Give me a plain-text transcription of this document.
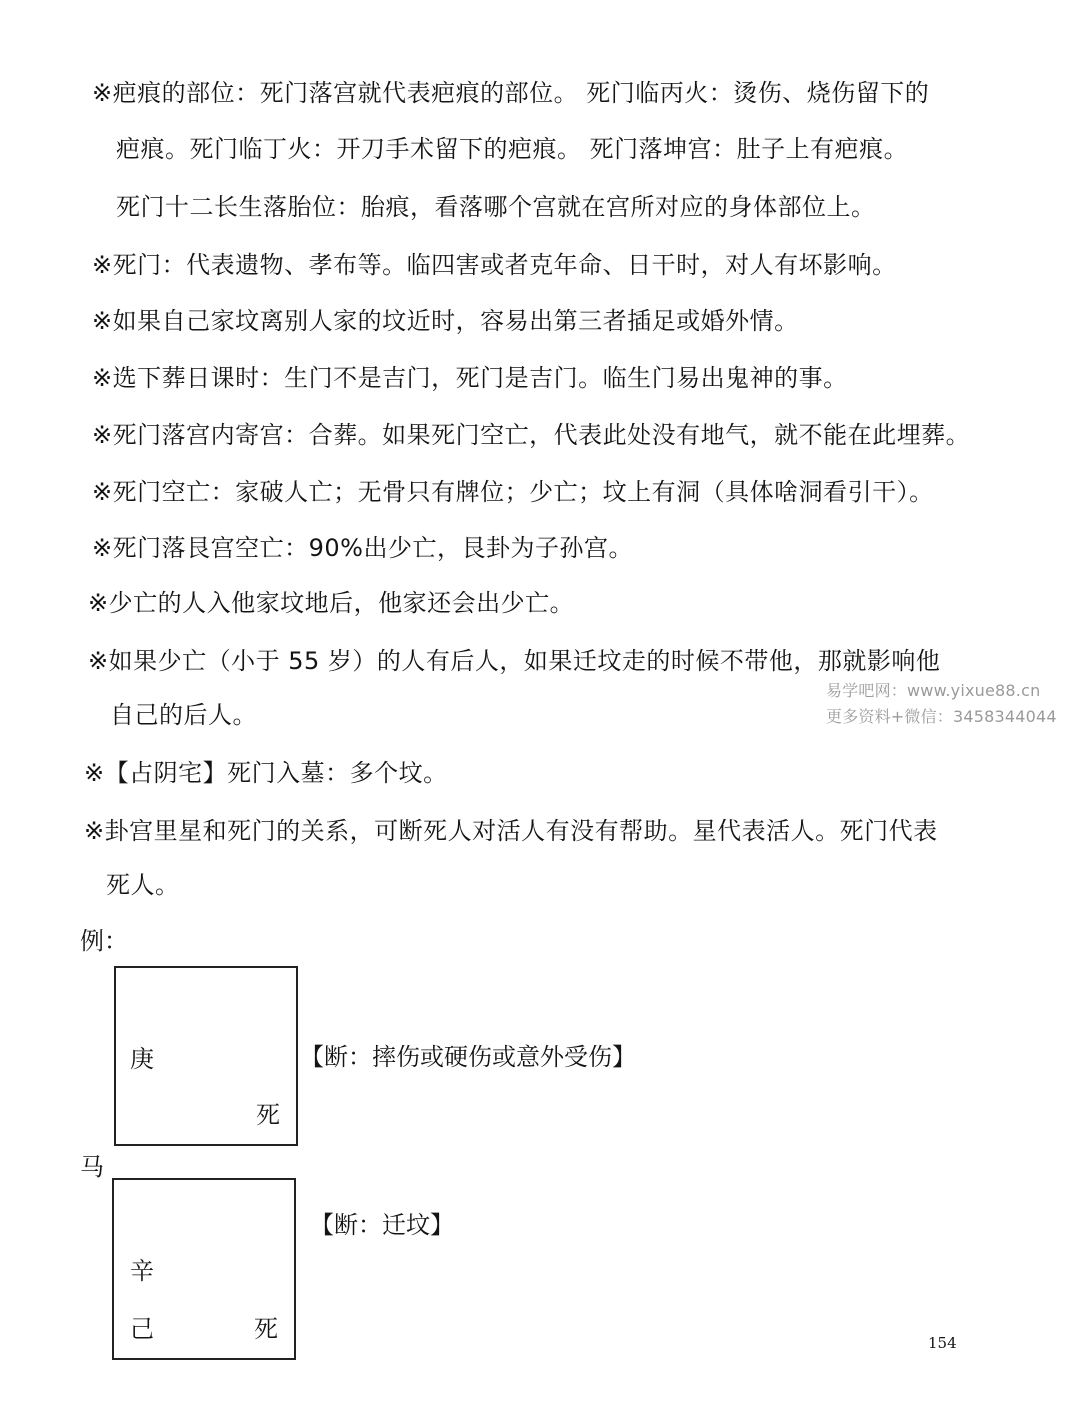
※疤痕的部位：死门落宫就代表疤痕的部位。 死门临丙火：烫伤、烧伤留下的
疤痕。死门临丁火：开刀手术留下的疤痕。 死门落坤宫：肚子上有疤痕。
死门十二长生落胎位：胎痕，看落哪个宫就在宫所对应的身体部位上。
※死门：代表遗物、孝布等。临四害或者克年命、日干时，对人有坏影响。
※如果自己家坟离别人家的坟近时，容易出第三者插足或婚外情。
※选下葬日课时：生门不是吉门，死门是吉门。临生门易出鬼神的事。
※死门落宫内寄宫：合葬。如果死门空亡，代表此处没有地气，就不能在此埋葬。
※死门空亡：家破人亡；无骨只有牌位；少亡；坟上有洞（具体啥洞看引干）。
※死门落艮宫空亡：90%出少亡，艮卦为子孙宫。
※少亡的人入他家坟地后，他家还会出少亡。
※如果少亡（小于 55 岁）的人有后人，如果迁坟走的时候不带他，那就影响他
自己的后人。
※【占阴宅】死门入墓：多个坟。
※卦宫里星和死门的关系，可断死人对活人有没有帮助。星代表活人。死门代表
死人。
例：
庚
死
【断：摔伤或硬伤或意外受伤】
马
辛
己	死
【断：迁坟】
易学吧网：www.yixue88.cn
更多资料+微信：3458344044
154
